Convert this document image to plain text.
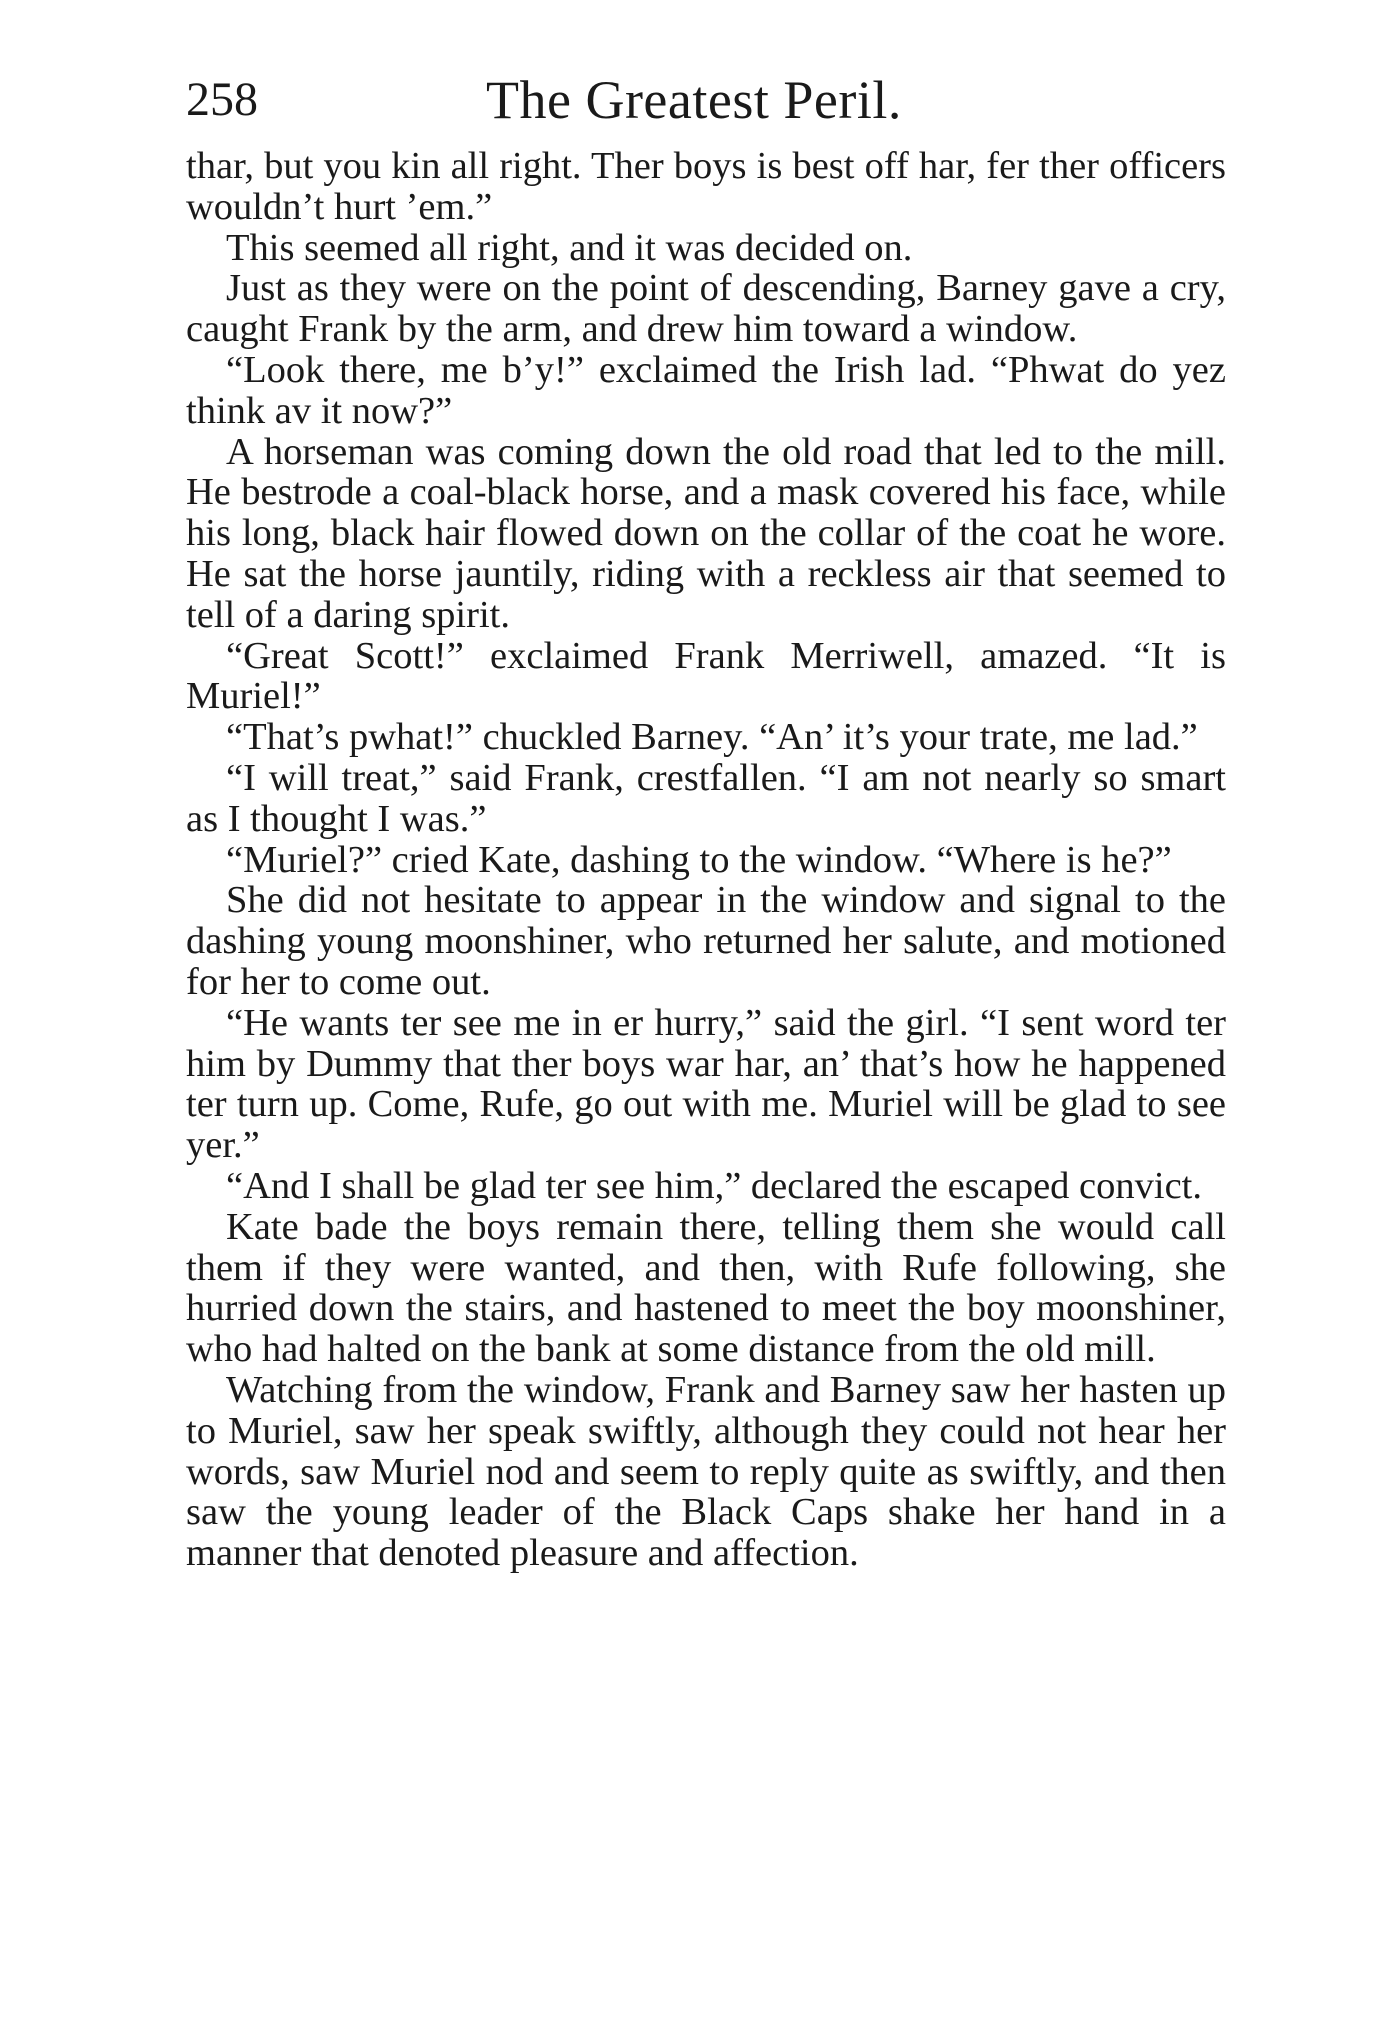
258	The Greatest Peril.

thar, but you kin all right. Ther boys is best off har, fer ther officers wouldn’t hurt ’em.”

This seemed all right, and it was decided on.

Just as they were on the point of descending, Barney gave a cry, caught Frank by the arm, and drew him toward a window.

“Look there, me b’y!” exclaimed the Irish lad. “Phwat do yez think av it now?”

A horseman was coming down the old road that led to the mill. He bestrode a coal-black horse, and a mask covered his face, while his long, black hair flowed down on the collar of the coat he wore. He sat the horse jauntily, riding with a reckless air that seemed to tell of a daring spirit.

“Great Scott!” exclaimed Frank Merriwell, amazed. “It is Muriel!”

“That’s pwhat!” chuckled Barney. “An’ it’s your trate, me lad.”

“I will treat,” said Frank, crestfallen. “I am not nearly so smart as I thought I was.”

“Muriel?” cried Kate, dashing to the window. “Where is he?”

She did not hesitate to appear in the window and signal to the dashing young moonshiner, who returned her salute, and motioned for her to come out.

“He wants ter see me in er hurry,” said the girl. “I sent word ter him by Dummy that ther boys war har, an’ that’s how he happened ter turn up. Come, Rufe, go out with me. Muriel will be glad to see yer.”

“And I shall be glad ter see him,” declared the escaped convict.

Kate bade the boys remain there, telling them she would call them if they were wanted, and then, with Rufe following, she hurried down the stairs, and hastened to meet the boy moonshiner, who had halted on the bank at some distance from the old mill.

Watching from the window, Frank and Barney saw her hasten up to Muriel, saw her speak swiftly, although they could not hear her words, saw Muriel nod and seem to reply quite as swiftly, and then saw the young leader of the Black Caps shake her hand in a manner that denoted pleasure and affection.
